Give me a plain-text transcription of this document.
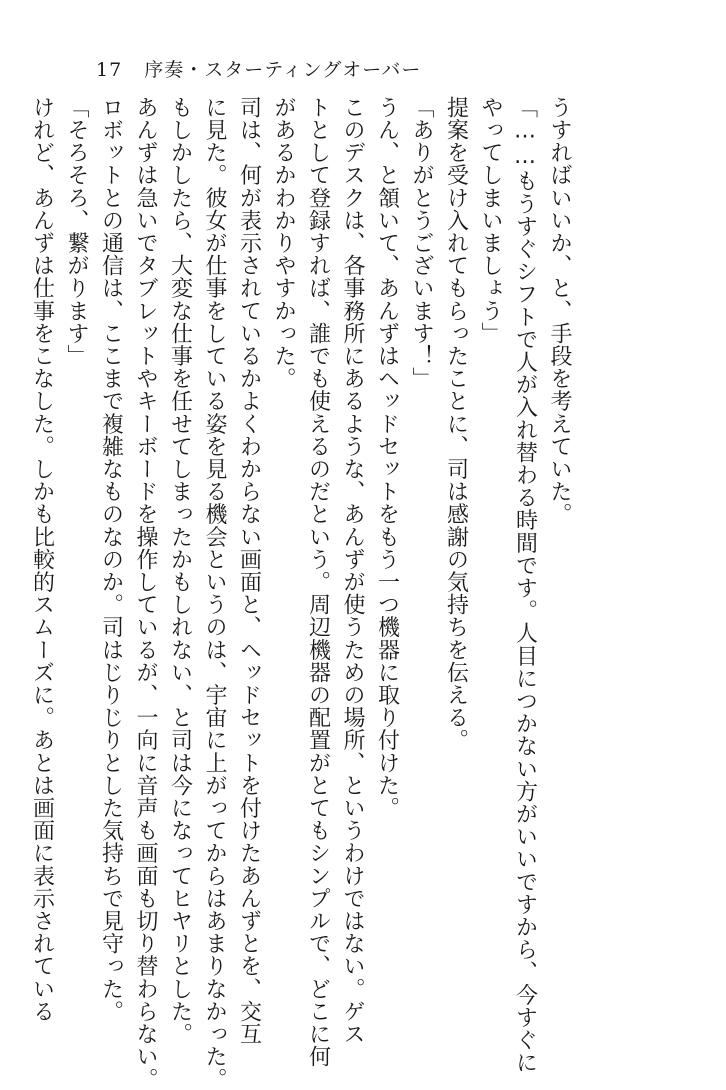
17 序奏・スターティングオーバー
うすればいいか、と、手段を考えていた。
「……もうすぐシフトで人が入れ替わる時間です。人目につかない方がいいですから、今すぐに
やってしまいましょう」
提案を受け入れてもらったことに、司は感謝の気持ちを伝える。
「ありがとうございます！」
うん、と頷いて、あんずはヘッドセットをもう一つ機器に取り付けた。
このデスクは、各事務所にあるような、あんずが使うための場所、というわけではない。ゲス
トとして登録すれば、誰でも使えるのだという。周辺機器の配置がとてもシンプルで、どこに何
があるかわかりやすかった。
司は、何が表示されているかよくわからない画面と、ヘッドセットを付けたあんずとを、交互
に見た。彼女が仕事をしている姿を見る機会というのは、宇宙に上がってからはあまりなかった。
もしかしたら、大変な仕事を任せてしまったかもしれない、と司は今になってヒヤリとした。
あんずは急いでタブレットやキーボードを操作しているが、一向に音声も画面も切り替わらない。
ロボットとの通信は、ここまで複雑なものなのか。司はじりじりとした気持ちで見守った。
「そろそろ、繋がります」
けれど、あんずは仕事をこなした。しかも比較的スムーズに。あとは画面に表示されている
